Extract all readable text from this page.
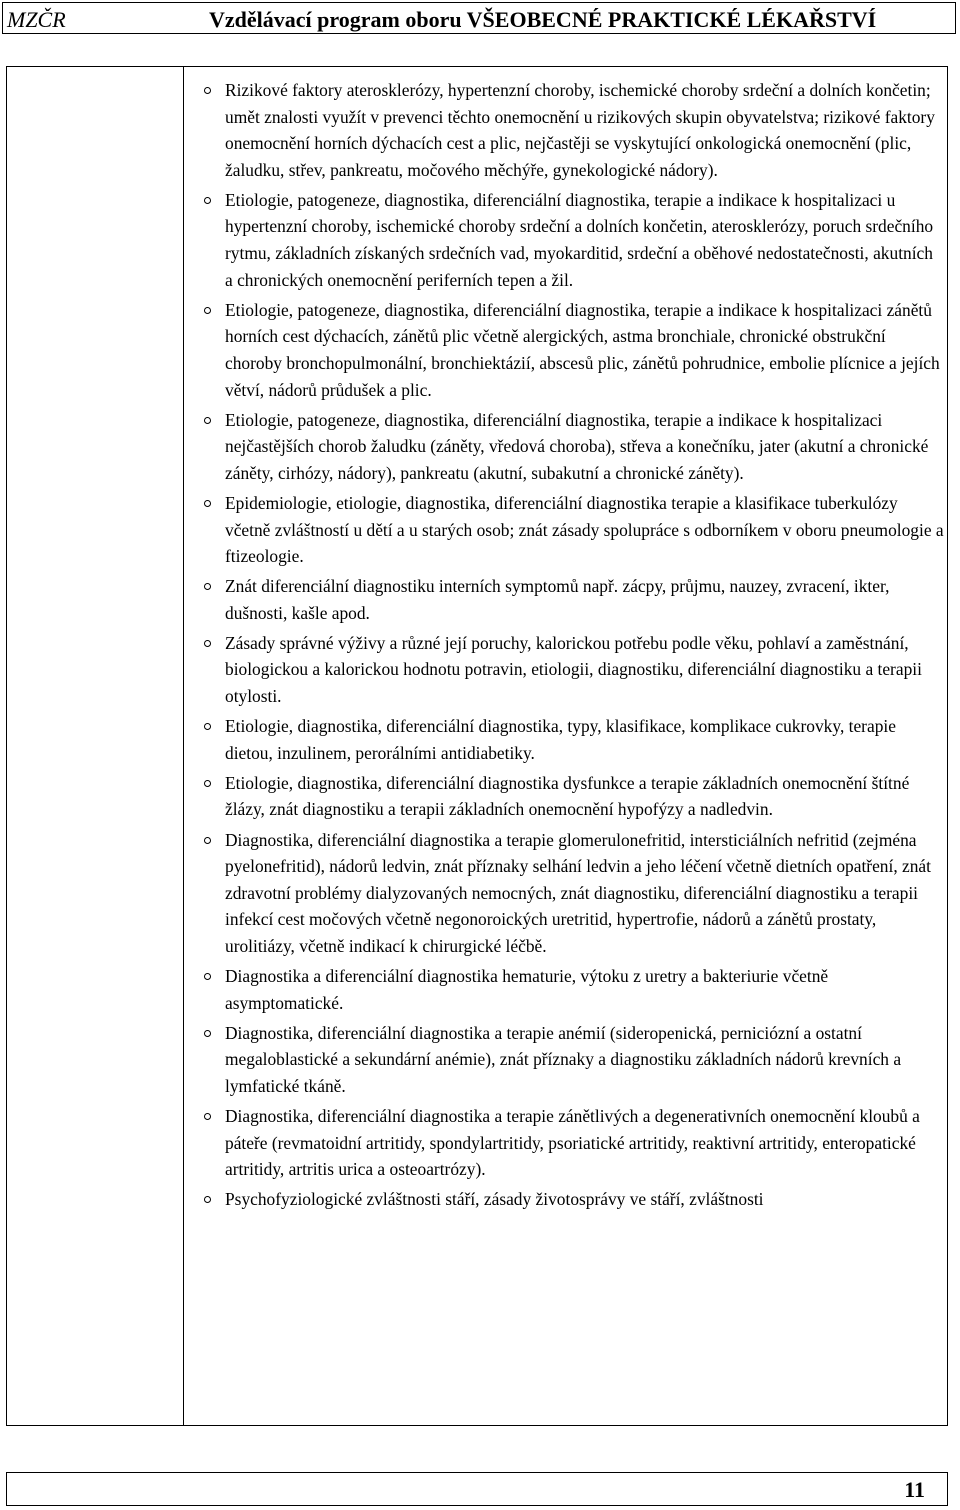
MZČR	Vzdělávací program oboru VŠEOBECNÉ PRAKTICKÉ LÉKAŘSTVÍ
Rizikové faktory aterosklerózy, hypertenzní choroby, ischemické choroby srdeční a dolních končetin; umět znalosti využít v prevenci těchto onemocnění u rizikových skupin obyvatelstva; rizikové faktory onemocnění horních dýchacích cest a plic, nejčastěji se vyskytující onkologická onemocnění (plic, žaludku, střev, pankreatu, močového měchýře, gynekologické nádory).
Etiologie, patogeneze, diagnostika, diferenciální diagnostika, terapie a indikace k hospitalizaci u hypertenzní choroby, ischemické choroby srdeční a dolních končetin, aterosklerózy, poruch srdečního rytmu, základních získaných srdečních vad, myokarditid, srdeční a oběhové nedostatečnosti, akutních a chronických onemocnění periferních tepen a žil.
Etiologie, patogeneze, diagnostika, diferenciální diagnostika, terapie a indikace k hospitalizaci zánětů horních cest dýchacích, zánětů plic včetně alergických, astma bronchiale, chronické obstrukční choroby bronchopulmonální, bronchiektázií, abscesů plic, zánětů pohrudnice, embolie plícnice a jejích větví, nádorů průdušek a plic.
Etiologie, patogeneze, diagnostika, diferenciální diagnostika, terapie a indikace k hospitalizaci nejčastějších chorob žaludku (záněty, vředová choroba), střeva a konečníku, jater (akutní a chronické záněty, cirhózy, nádory), pankreatu (akutní, subakutní a chronické záněty).
Epidemiologie, etiologie, diagnostika, diferenciální diagnostika terapie a klasifikace tuberkulózy včetně zvláštností u dětí a u starých osob; znát zásady spolupráce s odborníkem v oboru pneumologie a ftizeologie.
Znát diferenciální diagnostiku interních symptomů např. zácpy, průjmu, nauzey, zvracení, ikter, dušnosti, kašle apod.
Zásady správné výživy a různé její poruchy, kalorickou potřebu podle věku, pohlaví a zaměstnání, biologickou a kalorickou hodnotu potravin, etiologii, diagnostiku, diferenciální diagnostiku a terapii otylosti.
Etiologie, diagnostika, diferenciální diagnostika, typy, klasifikace, komplikace cukrovky, terapie dietou, inzulinem, perorálními antidiabetiky.
Etiologie, diagnostika, diferenciální diagnostika dysfunkce a terapie základních onemocnění štítné žlázy, znát diagnostiku a terapii základních onemocnění hypofýzy a nadledvin.
Diagnostika, diferenciální diagnostika a terapie glomerulonefritid, intersticiálních nefritid (zejména pyelonefritid), nádorů ledvin, znát příznaky selhání ledvin a jeho léčení včetně dietních opatření, znát zdravotní problémy dialyzovaných nemocných, znát diagnostiku, diferenciální diagnostiku a terapii infekcí cest močových včetně negonoroických uretritid, hypertrofie, nádorů a zánětů prostaty, urolitiázy, včetně indikací k chirurgické léčbě.
Diagnostika a diferenciální diagnostika hematurie, výtoku z uretry a bakteriurie včetně asymptomatické.
Diagnostika, diferenciální diagnostika a terapie anémií (sideropenická, perniciózní a ostatní megaloblastické a sekundární anémie), znát příznaky a diagnostiku základních nádorů krevních a lymfatické tkáně.
Diagnostika, diferenciální diagnostika a terapie zánětlivých a degenerativních onemocnění kloubů a páteře (revmatoidní artritidy, spondylartritidy, psoriatické artritidy, reaktivní artritidy, enteropatické artritidy, artritis urica a osteoartrózy).
Psychofyziologické zvláštnosti stáří, zásady životosprávy ve stáří, zvláštnosti
11
